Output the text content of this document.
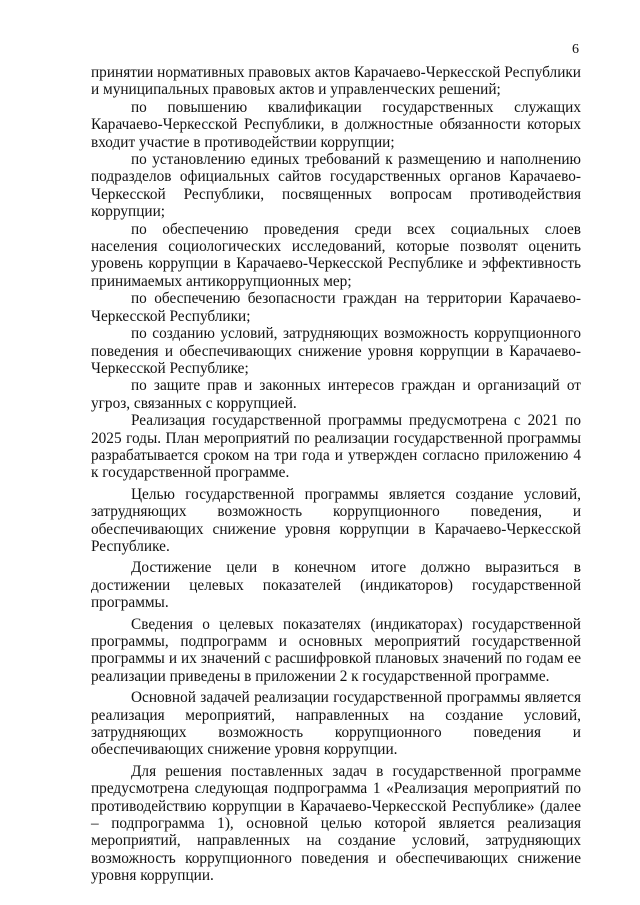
6

принятии нормативных правовых актов Карачаево-Черкесской Республики и муниципальных правовых актов и управленческих решений;

по повышению квалификации государственных служащих Карачаево-Черкесской Республики, в должностные обязанности которых входит участие в противодействии коррупции;

по установлению единых требований к размещению и наполнению подразделов официальных сайтов государственных органов Карачаево-Черкесской Республики, посвященных вопросам противодействия коррупции;

по обеспечению проведения среди всех социальных слоев населения социологических исследований, которые позволят оценить уровень коррупции в Карачаево-Черкесской Республике и эффективность принимаемых антикоррупционных мер;

по обеспечению безопасности граждан на территории Карачаево-Черкесской Республики;

по созданию условий, затрудняющих возможность коррупционного поведения и обеспечивающих снижение уровня коррупции в Карачаево-Черкесской Республике;

по защите прав и законных интересов граждан и организаций от угроз, связанных с коррупцией.

Реализация государственной программы предусмотрена с 2021 по 2025 годы. План мероприятий по реализации государственной программы разрабатывается сроком на три года и утвержден согласно приложению 4 к государственной программе.

Целью государственной программы является создание условий, затрудняющих возможность коррупционного поведения, и обеспечивающих снижение уровня коррупции в Карачаево-Черкесской Республике.

Достижение цели в конечном итоге должно выразиться в достижении целевых показателей (индикаторов) государственной программы.

Сведения о целевых показателях (индикаторах) государственной программы, подпрограмм и основных мероприятий государственной программы и их значений с расшифровкой плановых значений по годам ее реализации приведены в приложении 2 к государственной программе.

Основной задачей реализации государственной программы является реализация мероприятий, направленных на создание условий, затрудняющих возможность коррупционного поведения и обеспечивающих снижение уровня коррупции.

Для решения поставленных задач в государственной программе предусмотрена следующая подпрограмма 1 «Реализация мероприятий по противодействию коррупции в Карачаево-Черкесской Республике» (далее – подпрограмма 1), основной целью которой является реализация мероприятий, направленных на создание условий, затрудняющих возможность коррупционного поведения и обеспечивающих снижение уровня коррупции.
